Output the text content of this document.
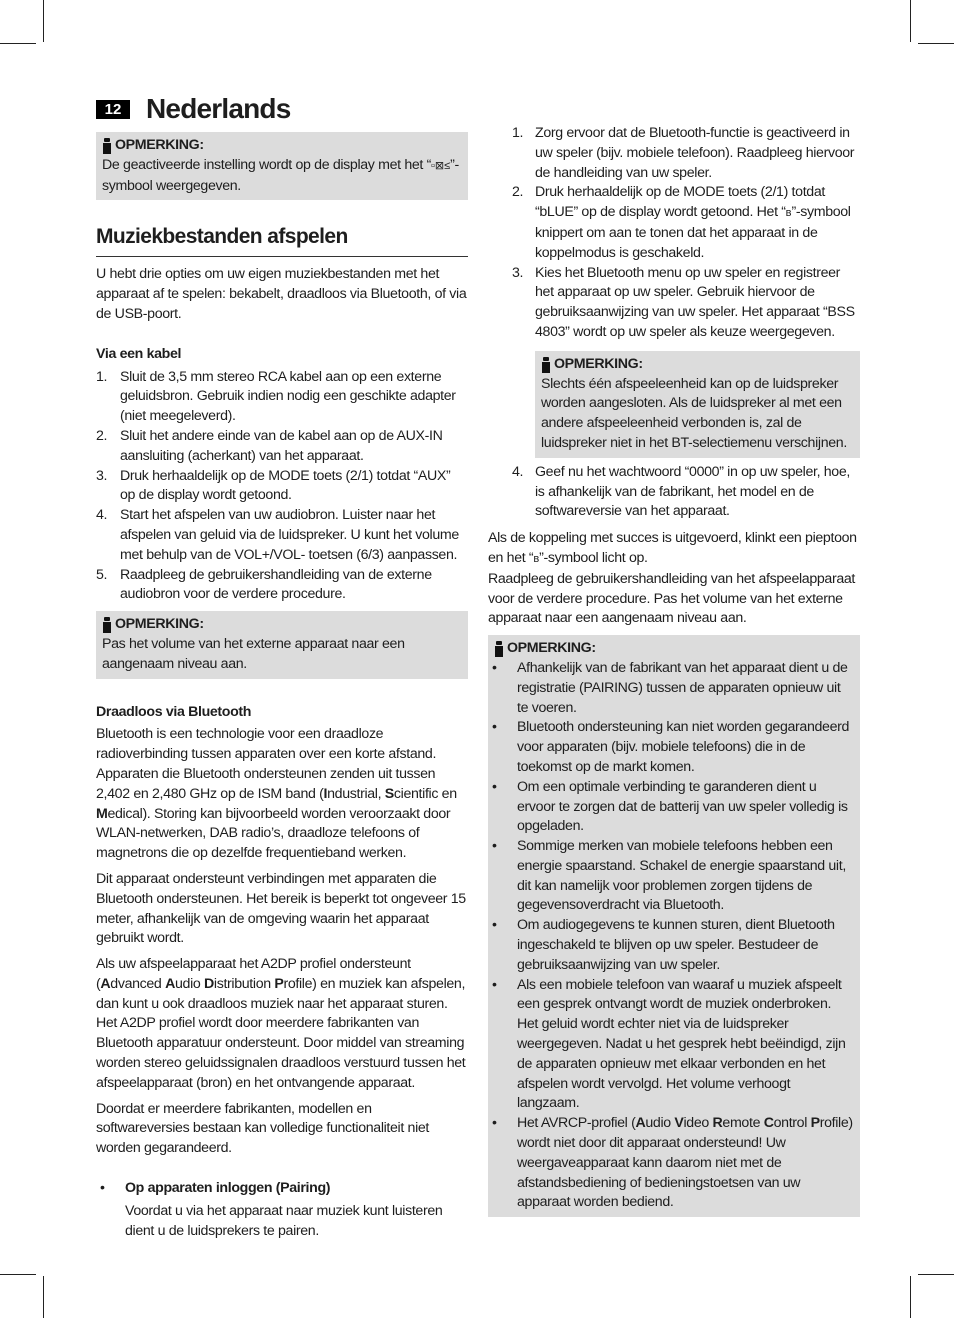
12 Nederlands
OPMERKING:

De geactiveerde instelling wordt op de display met het “▫⊠≤”-symbool weergegeven.

Muziekbestanden afspelen

U hebt drie opties om uw eigen muziekbestanden met het apparaat af te spelen: bekabelt, draadloos via Bluetooth, of via de USB-poort.

Via een kabel
1. Sluit de 3,5 mm stereo RCA kabel aan op een externe geluidsbron. Gebruik indien nodig een geschikte adapter (niet meegeleverd).
2. Sluit het andere einde van de kabel aan op de AUX-IN aansluiting (acherkant) van het apparaat.
3. Druk herhaaldelijk op de MODE toets (2/1) totdat “AUX” op de display wordt getoond.
4. Start het afspelen van uw audiobron. Luister naar het afspelen van geluid via de luidspreker. U kunt het volume met behulp van de VOL+/VOL- toetsen (6/3) aanpassen.
5. Raadpleeg de gebruikershandleiding van de externe audiobron voor de verdere procedure.
OPMERKING:

Pas het volume van het externe apparaat naar een aangenaam niveau aan.

Draadloos via Bluetooth

Bluetooth is een technologie voor een draadloze radioverbinding tussen apparaten over een korte afstand. Apparaten die Bluetooth ondersteunen zenden uit tussen 2,402 en 2,480 GHz op de ISM band (Industrial, Scientific en Medical). Storing kan bijvoorbeeld worden veroorzaakt door WLAN-netwerken, DAB radio’s, draadloze telefoons of magnetrons die op dezelfde frequentieband werken.

Dit apparaat ondersteunt verbindingen met apparaten die Bluetooth ondersteunen. Het bereik is beperkt tot ongeveer 15 meter, afhankelijk van de omgeving waarin het apparaat gebruikt wordt.

Als uw afspeelapparaat het A2DP profiel ondersteunt (Advanced Audio Distribution Profile) en muziek kan afspelen, dan kunt u ook draadloos muziek naar het apparaat sturen. Het A2DP profiel wordt door meerdere fabrikanten van Bluetooth apparatuur ondersteunt. Door middel van streaming worden stereo geluidssignalen draadloos verstuurd tussen het afspeelapparaat (bron) en het ontvangende apparaat.

Doordat er meerdere fabrikanten, modellen en softwareversies bestaan kan volledige functionaliteit niet worden gegarandeerd.

• Op apparaten inloggen (Pairing)

Voordat u via het apparaat naar muziek kunt luisteren dient u de luidsprekers te pairen.

1. Zorg ervoor dat de Bluetooth-functie is geactiveerd in uw speler (bijv. mobiele telefoon). Raadpleeg hiervoor de handleiding van uw speler.
2. Druk herhaaldelijk op de MODE toets (2/1) totdat “bLUE” op de display wordt getoond. Het “ʙ”-symbool knippert om aan te tonen dat het apparaat in de koppelmodus is geschakeld.
3. Kies het Bluetooth menu op uw speler en registreer het apparaat op uw speler. Gebruik hiervoor de gebruiksaanwijzing van uw speler. Het apparaat “BSS 4803” wordt op uw speler als keuze weergegeven.
OPMERKING:

Slechts één afspeeleenheid kan op de luidspreker worden aangesloten. Als de luidspreker al met een andere afspeeleenheid verbonden is, zal de luidspreker niet in het BT-selectiemenu verschijnen.

4. Geef nu het wachtwoord “0000” in op uw speler, hoe, is afhankelijk van de fabrikant, het model en de softwareversie van het apparaat.

Als de koppeling met succes is uitgevoerd, klinkt een pieptoon en het “ʙ”-symbool licht op.

Raadpleeg de gebruikershandleiding van het afspeelapparaat voor de verdere procedure. Pas het volume van het externe apparaat naar een aangenaam niveau aan.

OPMERKING:
• Afhankelijk van de fabrikant van het apparaat dient u de registratie (PAIRING) tussen de apparaten opnieuw uit te voeren.
• Bluetooth ondersteuning kan niet worden gegarandeerd voor apparaten (bijv. mobiele telefoons) die in de toekomst op de markt komen.
• Om een optimale verbinding te garanderen dient u ervoor te zorgen dat de batterij van uw speler volledig is opgeladen.
• Sommige merken van mobiele telefoons hebben een energie spaarstand. Schakel de energie spaarstand uit, dit kan namelijk voor problemen zorgen tijdens de gegevensoverdracht via Bluetooth.
• Om audiogegevens te kunnen sturen, dient Bluetooth ingeschakeld te blijven op uw speler. Bestudeer de gebruiksaanwijzing van uw speler.
• Als een mobiele telefoon van waaraf u muziek afspeelt een gesprek ontvangt wordt de muziek onderbroken. Het geluid wordt echter niet via de luidspreker weergegeven. Nadat u het gesprek hebt beëindigd, zijn de apparaten opnieuw met elkaar verbonden en het afspelen wordt vervolgd. Het volume verhoogt langzaam.
• Het AVRCP-profiel (Audio Video Remote Control Profile) wordt niet door dit apparaat ondersteund! Uw weergaveapparaat kann daarom niet met de afstandsbediening of bedieningstoetsen van uw apparaat worden bediend.
